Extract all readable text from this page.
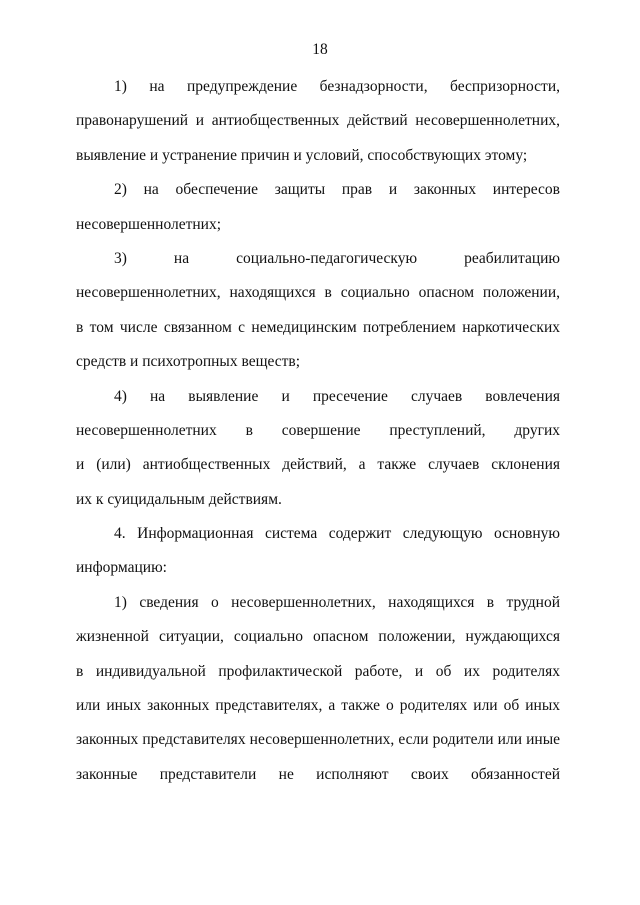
18
1) на предупреждение безнадзорности, беспризорности,
правонарушений и антиобщественных действий несовершеннолетних,
выявление и устранение причин и условий, способствующих этому;
2) на обеспечение защиты прав и законных интересов
несовершеннолетних;
3) на социально-педагогическую реабилитацию
несовершеннолетних, находящихся в социально опасном положении,
в том числе связанном с немедицинским потреблением наркотических
средств и психотропных веществ;
4) на выявление и пресечение случаев вовлечения
несовершеннолетних в совершение преступлений, других
и (или) антиобщественных действий, а также случаев склонения
их к суицидальным действиям.
4. Информационная система содержит следующую основную
информацию:
1) сведения о несовершеннолетних, находящихся в трудной
жизненной ситуации, социально опасном положении, нуждающихся
в индивидуальной профилактической работе, и об их родителях
или иных законных представителях, а также о родителях или об иных
законных представителях несовершеннолетних, если родители или иные
законные представители не исполняют своих обязанностей
